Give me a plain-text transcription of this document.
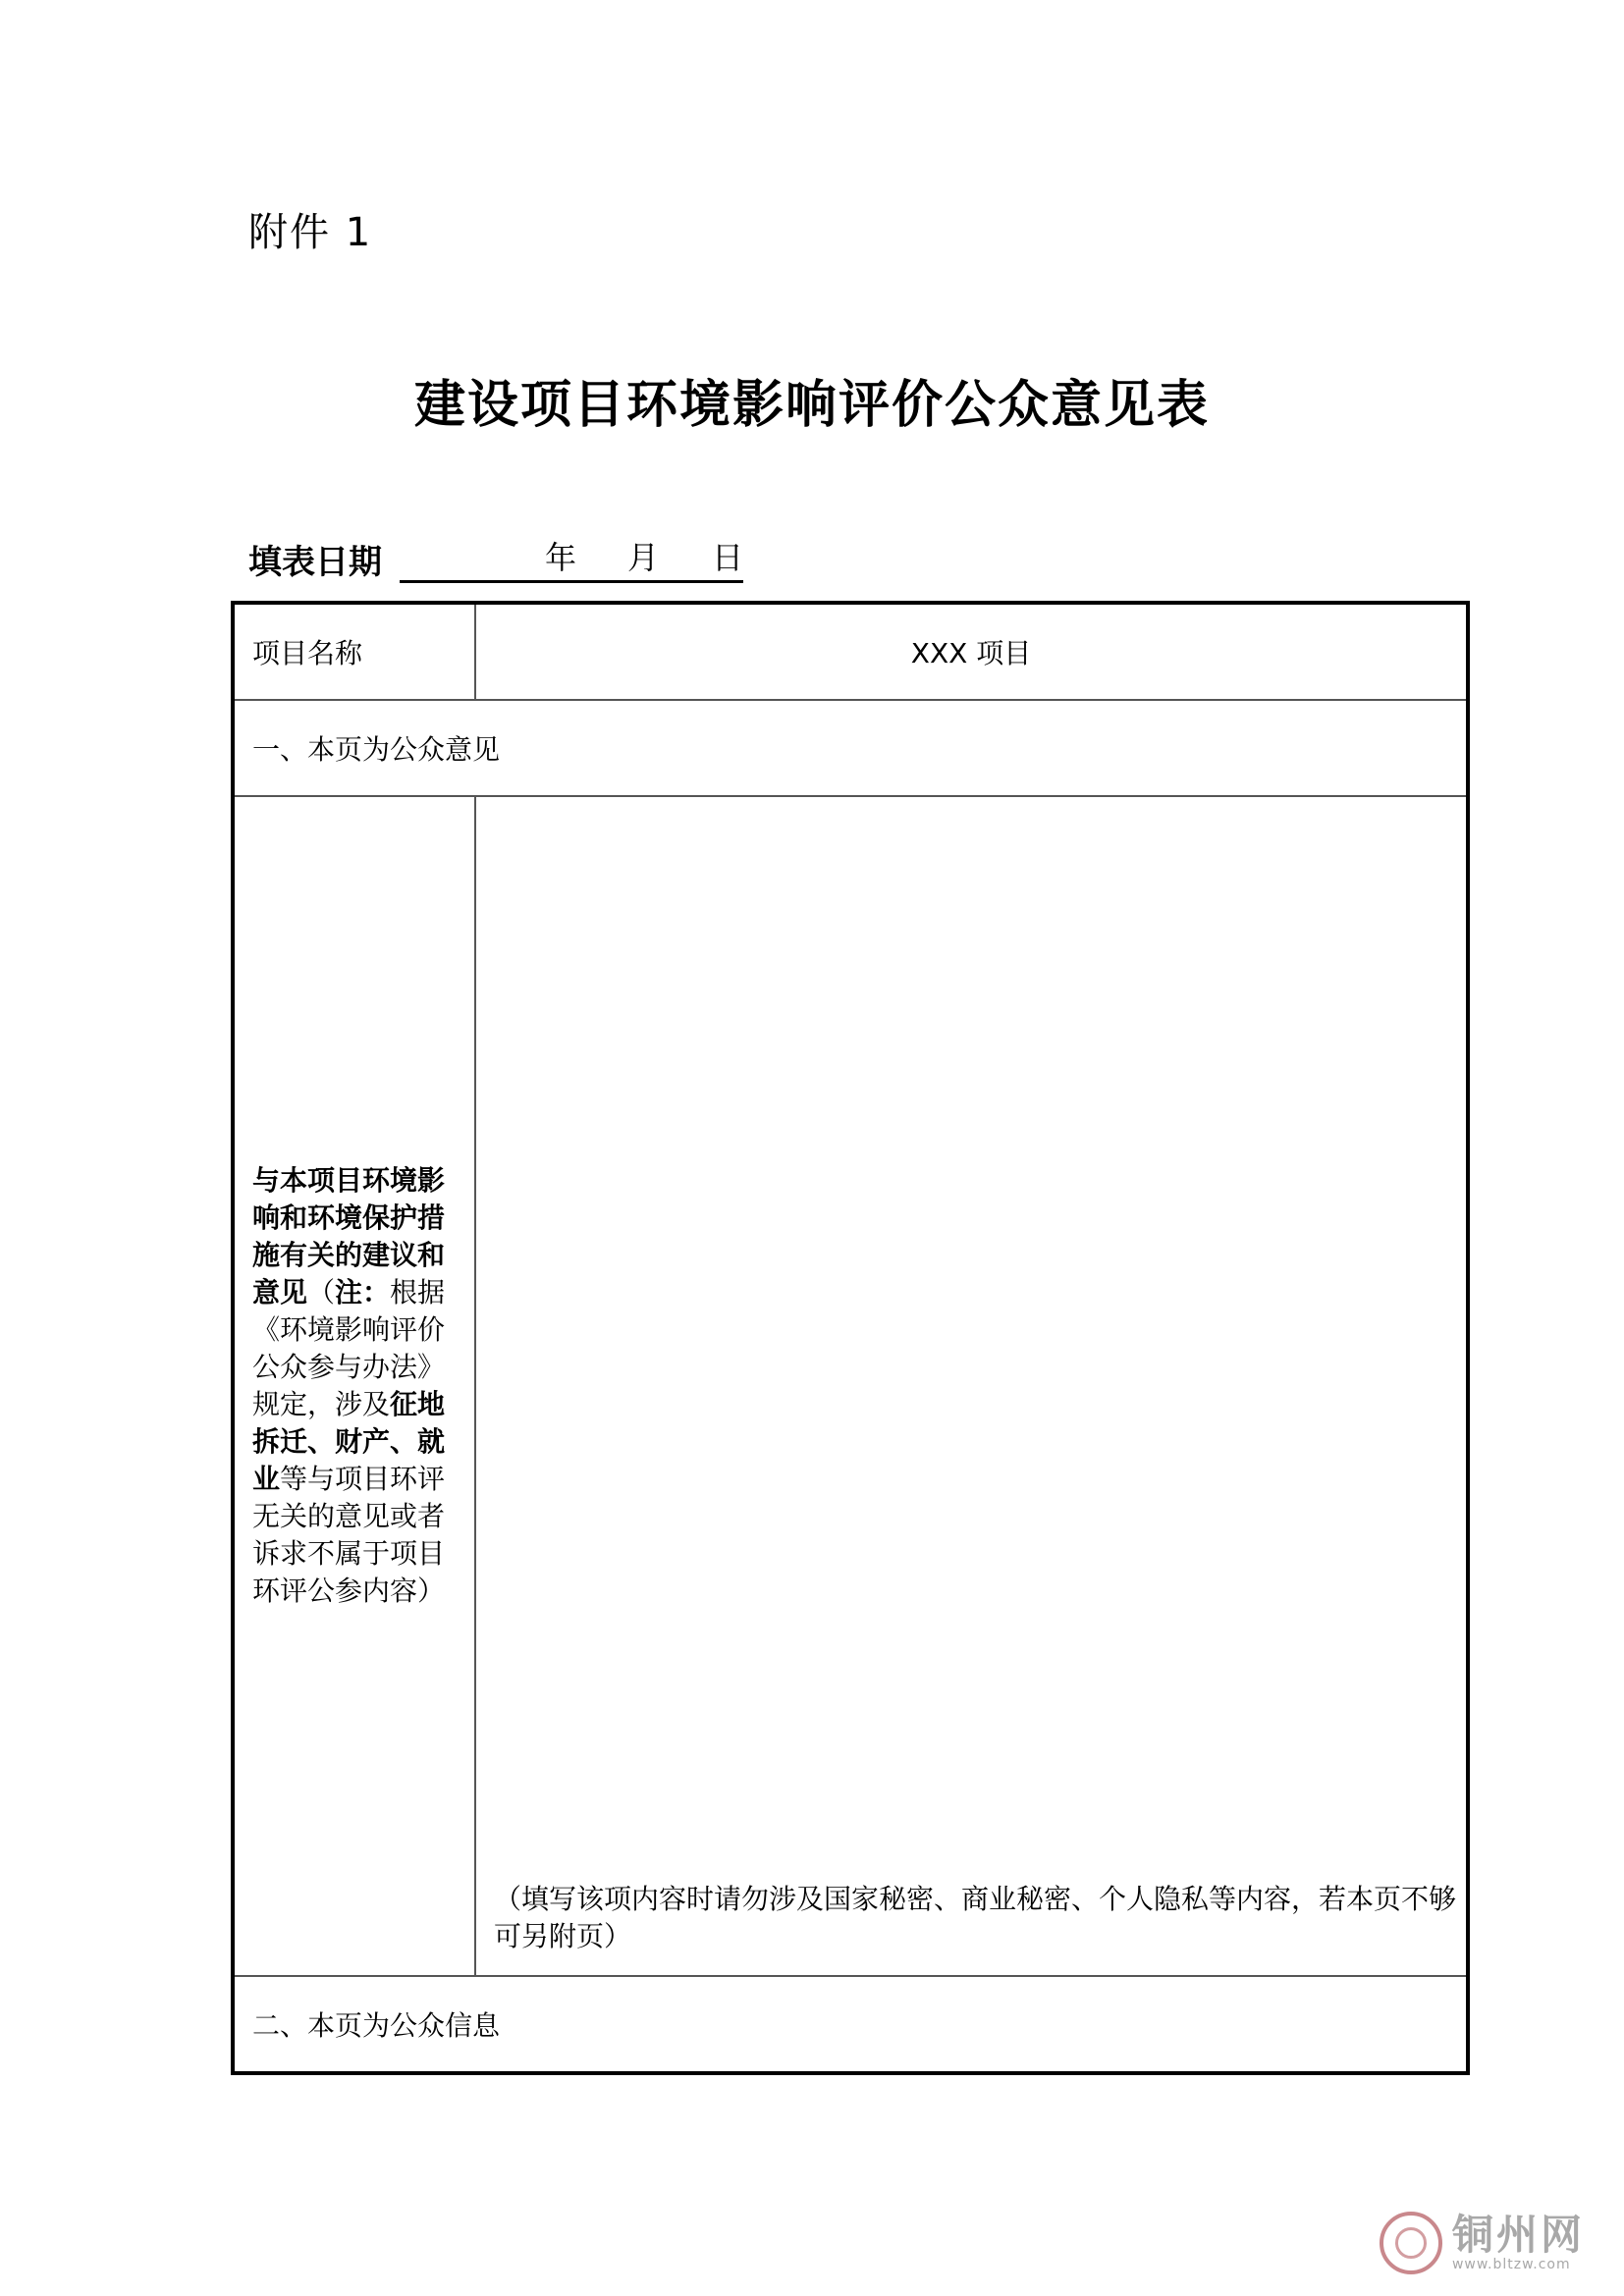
附件 1
建设项目环境影响评价公众意见表
填表日期	年 月 日
项目名称	XXX 项目
一、本页为公众意见	
与本项目环境影响和环境保护措施有关的建议和意见（注：根据《环境影响评价公众参与办法》规定，涉及征地拆迁、财产、就业等与项目环评无关的意见或者诉求不属于项目环评公参内容）	（填写该项内容时请勿涉及国家秘密、商业秘密、个人隐私等内容，若本页不够可另附页）

二、本页为公众信息	
铜州网
www.bltzw.com
